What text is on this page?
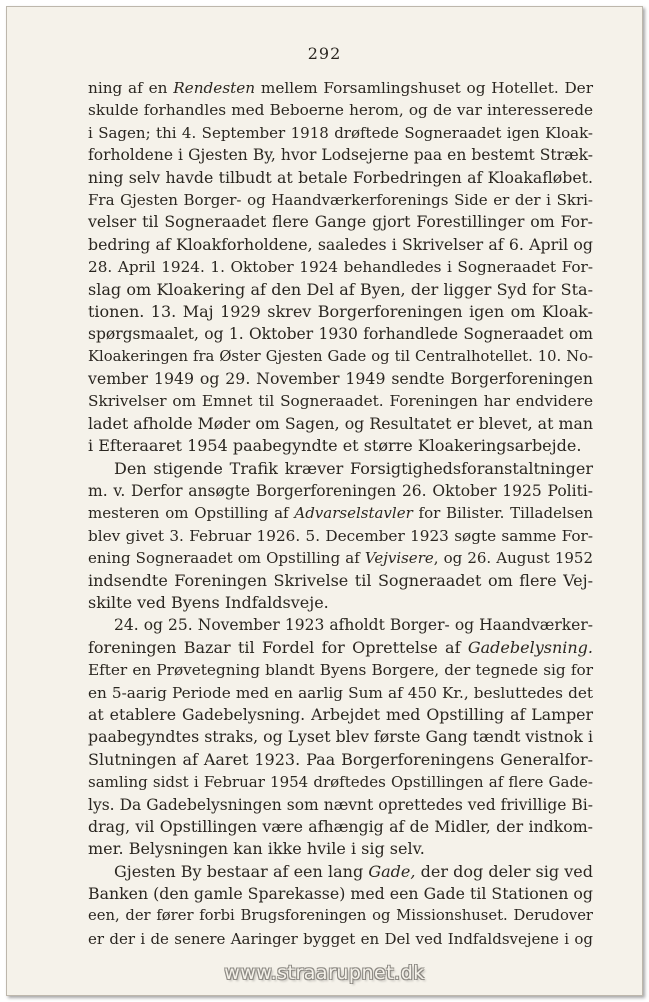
292
ning af en Rendesten mellem Forsamlingshuset og Hotellet. Der
skulde forhandles med Beboerne herom, og de var interesserede
i Sagen; thi 4. September 1918 drøftede Sogneraadet igen Kloak-
forholdene i Gjesten By, hvor Lodsejerne paa en bestemt Stræk-
ning selv havde tilbudt at betale Forbedringen af Kloakafløbet.
Fra Gjesten Borger- og Haandværkerforenings Side er der i Skri-
velser til Sogneraadet flere Gange gjort Forestillinger om For-
bedring af Kloakforholdene, saaledes i Skrivelser af 6. April og
28. April 1924. 1. Oktober 1924 behandledes i Sogneraadet For-
slag om Kloakering af den Del af Byen, der ligger Syd for Sta-
tionen. 13. Maj 1929 skrev Borgerforeningen igen om Kloak-
spørgsmaalet, og 1. Oktober 1930 forhandlede Sogneraadet om
Kloakeringen fra Øster Gjesten Gade og til Centralhotellet. 10. No-
vember 1949 og 29. November 1949 sendte Borgerforeningen
Skrivelser om Emnet til Sogneraadet. Foreningen har endvidere
ladet afholde Møder om Sagen, og Resultatet er blevet, at man
i Efteraaret 1954 paabegyndte et større Kloakeringsarbejde.
Den stigende Trafik kræver Forsigtighedsforanstaltninger
m. v. Derfor ansøgte Borgerforeningen 26. Oktober 1925 Politi-
mesteren om Opstilling af Advarselstavler for Bilister. Tilladelsen
blev givet 3. Februar 1926. 5. December 1923 søgte samme For-
ening Sogneraadet om Opstilling af Vejvisere, og 26. August 1952
indsendte Foreningen Skrivelse til Sogneraadet om flere Vej-
skilte ved Byens Indfaldsveje.
24. og 25. November 1923 afholdt Borger- og Haandværker-
foreningen Bazar til Fordel for Oprettelse af Gadebelysning.
Efter en Prøvetegning blandt Byens Borgere, der tegnede sig for
en 5-aarig Periode med en aarlig Sum af 450 Kr., besluttedes det
at etablere Gadebelysning. Arbejdet med Opstilling af Lamper
paabegyndtes straks, og Lyset blev første Gang tændt vistnok i
Slutningen af Aaret 1923. Paa Borgerforeningens Generalfor-
samling sidst i Februar 1954 drøftedes Opstillingen af flere Gade-
lys. Da Gadebelysningen som nævnt oprettedes ved frivillige Bi-
drag, vil Opstillingen være afhængig af de Midler, der indkom-
mer. Belysningen kan ikke hvile i sig selv.
Gjesten By bestaar af een lang Gade, der dog deler sig ved
Banken (den gamle Sparekasse) med een Gade til Stationen og
een, der fører forbi Brugsforeningen og Missionshuset. Derudover
er der i de senere Aaringer bygget en Del ved Indfaldsvejene i og
www.straarupnet.dk
